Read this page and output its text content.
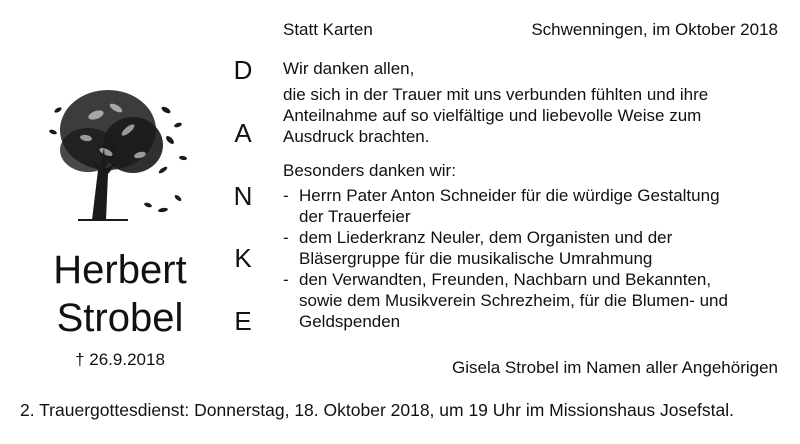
Statt Karten	Schwenningen, im Oktober 2018
Herbert
Strobel
† 26.9.2018
D
A
N
K
E
Wir danken allen,
die sich in der Trauer mit uns verbunden fühlten und ihre
Anteilnahme auf so vielfältige und liebevolle Weise zum
Ausdruck brachten.
Besonders danken wir:
- Herrn Pater Anton Schneider für die würdige Gestaltung
der Trauerfeier
- dem Liederkranz Neuler, dem Organisten und der
Bläsergruppe für die musikalische Umrahmung
- den Verwandten, Freunden, Nachbarn und Bekannten,
sowie dem Musikverein Schrezheim, für die Blumen- und
Geldspenden
Gisela Strobel im Namen aller Angehörigen
2. Trauergottesdienst: Donnerstag, 18. Oktober 2018, um 19 Uhr im Missionshaus Josefstal.
